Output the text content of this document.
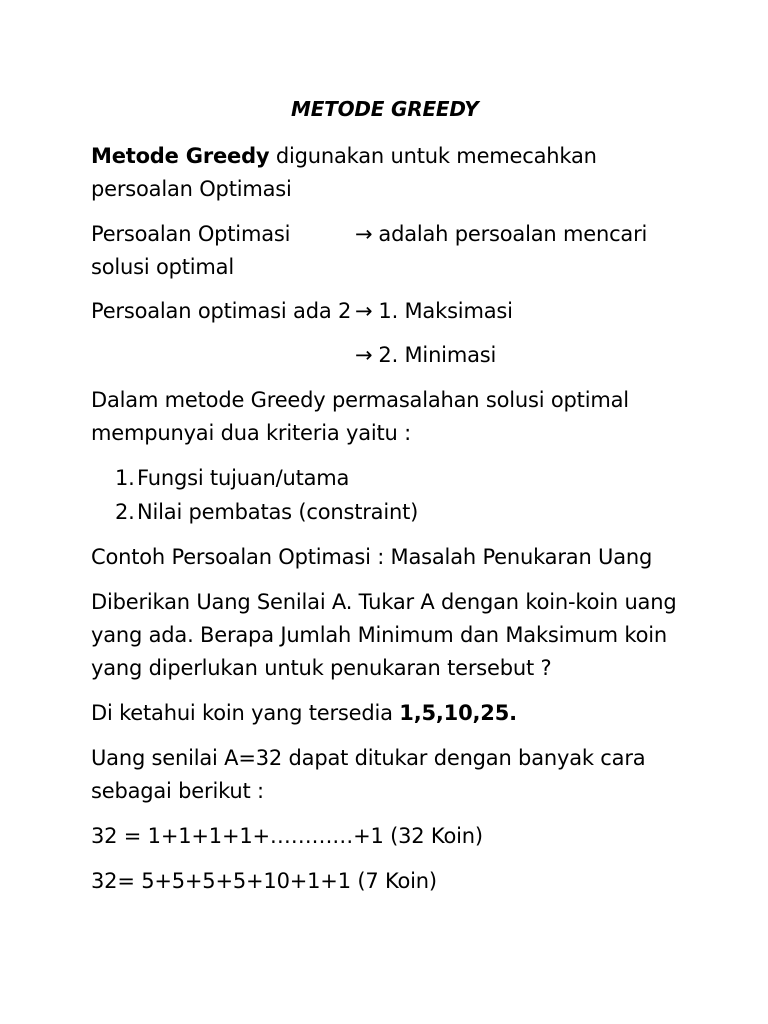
METODE GREEDY
Metode Greedy digunakan untuk memecahkan
persoalan Optimasi
Persoalan Optimasi	→ adalah persoalan mencari
solusi optimal
Persoalan optimasi ada 2 → 1. Maksimasi
→ 2. Minimasi
Dalam metode Greedy permasalahan solusi optimal
mempunyai dua kriteria yaitu :
1. Fungsi tujuan/utama
2. Nilai pembatas (constraint)
Contoh Persoalan Optimasi : Masalah Penukaran Uang
Diberikan Uang Senilai A. Tukar A dengan koin-koin uang
yang ada. Berapa Jumlah Minimum dan Maksimum koin
yang diperlukan untuk penukaran tersebut ?
Di ketahui koin yang tersedia 1,5,10,25.
Uang senilai A=32 dapat ditukar dengan banyak cara
sebagai berikut :
32 = 1+1+1+1+…………+1 (32 Koin)
32= 5+5+5+5+10+1+1 (7 Koin)
